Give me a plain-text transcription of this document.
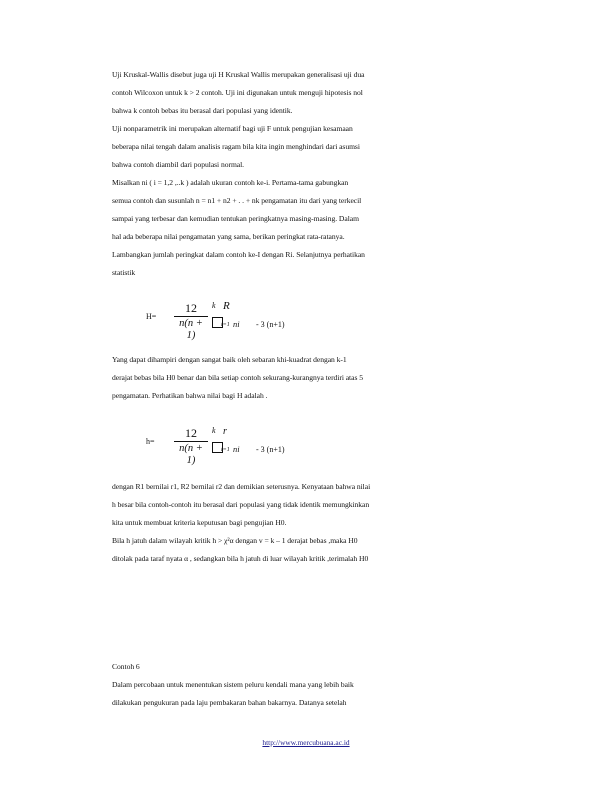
Uji Kruskal-Wallis disebut juga uji H Kruskal Wallis merupakan generalisasi uji dua
contoh Wilcoxon untuk k > 2 contoh. Uji ini digunakan untuk menguji hipotesis nol
bahwa k contoh bebas itu berasal dari populasi yang identik.
Uji nonparametrik ini merupakan alternatif bagi uji F untuk pengujian kesamaan
beberapa nilai tengah dalam analisis ragam bila kita ingin menghindari dari asumsi
bahwa contoh diambil dari populasi normal.
Misalkan ni ( i = 1,2 ,..k ) adalah ukuran contoh ke-i. Pertama-tama gabungkan
semua contoh dan susunlah n = n1 + n2 + . . + nk pengamatan itu dari yang terkecil
sampai yang terbesar dan kemudian tentukan peringkatnya masing-masing. Dalam
hal ada beberapa nilai pengamatan yang sama, berikan peringkat rata-ratanya.
Lambangkan jumlah peringkat dalam contoh ke-I dengan Ri. Selanjutnya perhatikan
statistik
H=
12
n(n + 1)
k R
i=1 ni - 3 (n+1)
Yang dapat dihampiri dengan sangat baik oleh sebaran khi-kuadrat dengan k-1
derajat bebas bila H0 benar dan bila setiap contoh sekurang-kurangnya terdiri atas 5
pengamatan. Perhatikan bahwa nilai bagi H adalah .
h=
12
n(n + 1)
k r
i=1 ni - 3 (n+1)
dengan R1 bernilai r1, R2 bernilai r2 dan demikian seterusnya. Kenyataan bahwa nilai
h besar bila contoh-contoh itu berasal dari populasi yang tidak identik memungkinkan
kita untuk membuat kriteria keputusan bagi pengujian H0.
Bila h jatuh dalam wilayah kritik h > χ²α dengan v = k – 1 derajat bebas ,maka H0
ditolak pada taraf nyata α , sedangkan bila h jatuh di luar wilayah kritik ,terimalah H0
Contoh 6
Dalam percobaan untuk menentukan sistem peluru kendali mana yang lebih baik
dilakukan pengukuran pada laju pembakaran bahan bakarnya. Datanya setelah
http://www.mercubuana.ac.id
